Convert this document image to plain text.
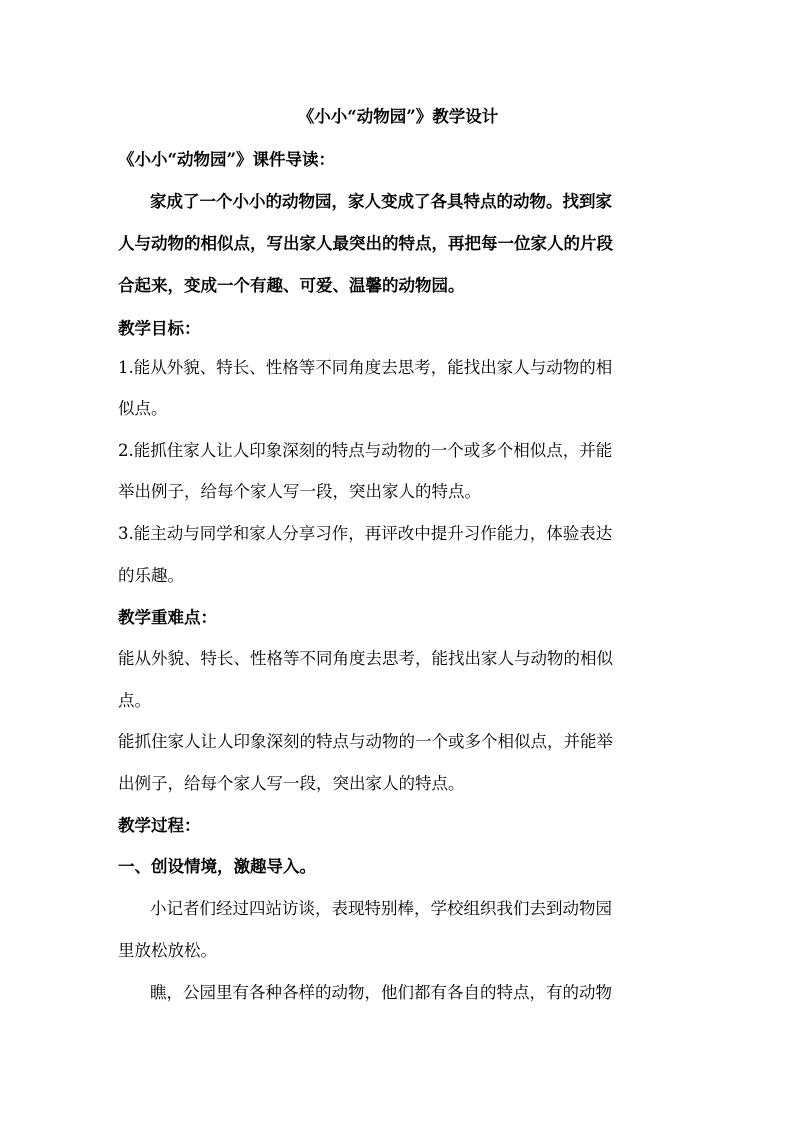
《小小“动物园”》教学设计
《小小“动物园”》课件导读：
家成了一个小小的动物园，家人变成了各具特点的动物。找到家
人与动物的相似点，写出家人最突出的特点，再把每一位家人的片段
合起来，变成一个有趣、可爱、温馨的动物园。
教学目标：
1.能从外貌、特长、性格等不同角度去思考，能找出家人与动物的相
似点。
2.能抓住家人让人印象深刻的特点与动物的一个或多个相似点，并能
举出例子，给每个家人写一段，突出家人的特点。
3.能主动与同学和家人分享习作，再评改中提升习作能力，体验表达
的乐趣。
教学重难点：
能从外貌、特长、性格等不同角度去思考，能找出家人与动物的相似
点。
能抓住家人让人印象深刻的特点与动物的一个或多个相似点，并能举
出例子，给每个家人写一段，突出家人的特点。
教学过程：
一、创设情境，激趣导入。
小记者们经过四站访谈，表现特别棒，学校组织我们去到动物园
里放松放松。
瞧，公园里有各种各样的动物，他们都有各自的特点，有的动物
